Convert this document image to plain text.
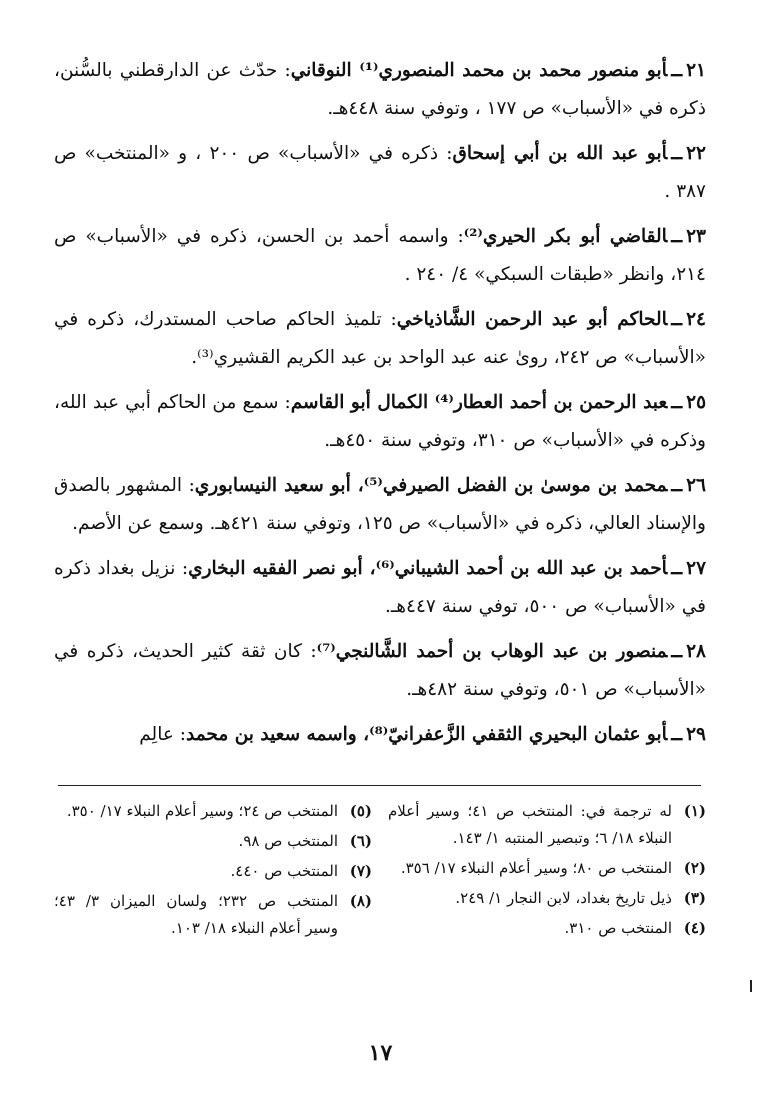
٢١ــأبو منصور محمد بن محمد المنصوري⁽¹⁾ النوقاني: حدّث عن الدارقطني بالسُّنن، ذكره في «الأسباب» ص ١٧٧ ، وتوفي سنة ٤٤٨هـ.

٢٢ــأبو عبد الله بن أبي إسحاق: ذكره في «الأسباب» ص ٢٠٠ ، و «المنتخب» ص ٣٨٧ .

٢٣ــالقاضي أبو بكر الحيري⁽²⁾: واسمه أحمد بن الحسن، ذكره في «الأسباب» ص ٢١٤، وانظر «طبقات السبكي» ٤/ ٢٤٠ .

٢٤ــالحاكم أبو عبد الرحمن الشَّاذياخي: تلميذ الحاكم صاحب المستدرك، ذكره في «الأسباب» ص ٢٤٢، روىٰ عنه عبد الواحد بن عبد الكريم القشيري⁽³⁾.

٢٥ــعبد الرحمن بن أحمد العطار⁽⁴⁾ الكمال أبو القاسم: سمع من الحاكم أبي عبد الله، وذكره في «الأسباب» ص ٣١٠، وتوفي سنة ٤٥٠هـ.

٢٦ــمحمد بن موسىٰ بن الفضل الصيرفي⁽⁵⁾، أبو سعيد النيسابوري: المشهور بالصدق والإسناد العالي، ذكره في «الأسباب» ص ١٢٥، وتوفي سنة ٤٢١هـ. وسمع عن الأصم.

٢٧ــأحمد بن عبد الله بن أحمد الشيباني⁽⁶⁾، أبو نصر الفقيه البخاري: نزيل بغداد ذكره في «الأسباب» ص ٥٠٠، توفي سنة ٤٤٧هـ.

٢٨ــمنصور بن عبد الوهاب بن أحمد الشَّالنجي⁽⁷⁾: كان ثقة كثير الحديث، ذكره في «الأسباب» ص ٥٠١، وتوفي سنة ٤٨٢هـ.

٢٩ــأبو عثمان البحيري الثقفي الزَّعفرانيّ⁽⁸⁾، واسمه سعيد بن محمد: عالِم

(١)
له ترجمة في: المنتخب ص ٤١؛ وسير أعلام النبلاء ١٨/ ٦؛ وتبصير المنتبه ١/ ١٤٣.
(٢)
المنتخب ص ٨٠؛ وسير أعلام النبلاء ١٧/ ٣٥٦.
(٣)
ذيل تاريخ بغداد، لابن النجار ١/ ٢٤٩.
(٤)
المنتخب ص ٣١٠.
(٥)
المنتخب ص ٢٤؛ وسير أعلام النبلاء ١٧/ ٣٥٠.
(٦)
المنتخب ص ٩٨.
(٧)
المنتخب ص ٤٤٠.
(٨)
المنتخب ص ٢٣٢؛ ولسان الميزان ٣/ ٤٣؛ وسير أعلام النبلاء ١٨/ ١٠٣.
١٧
